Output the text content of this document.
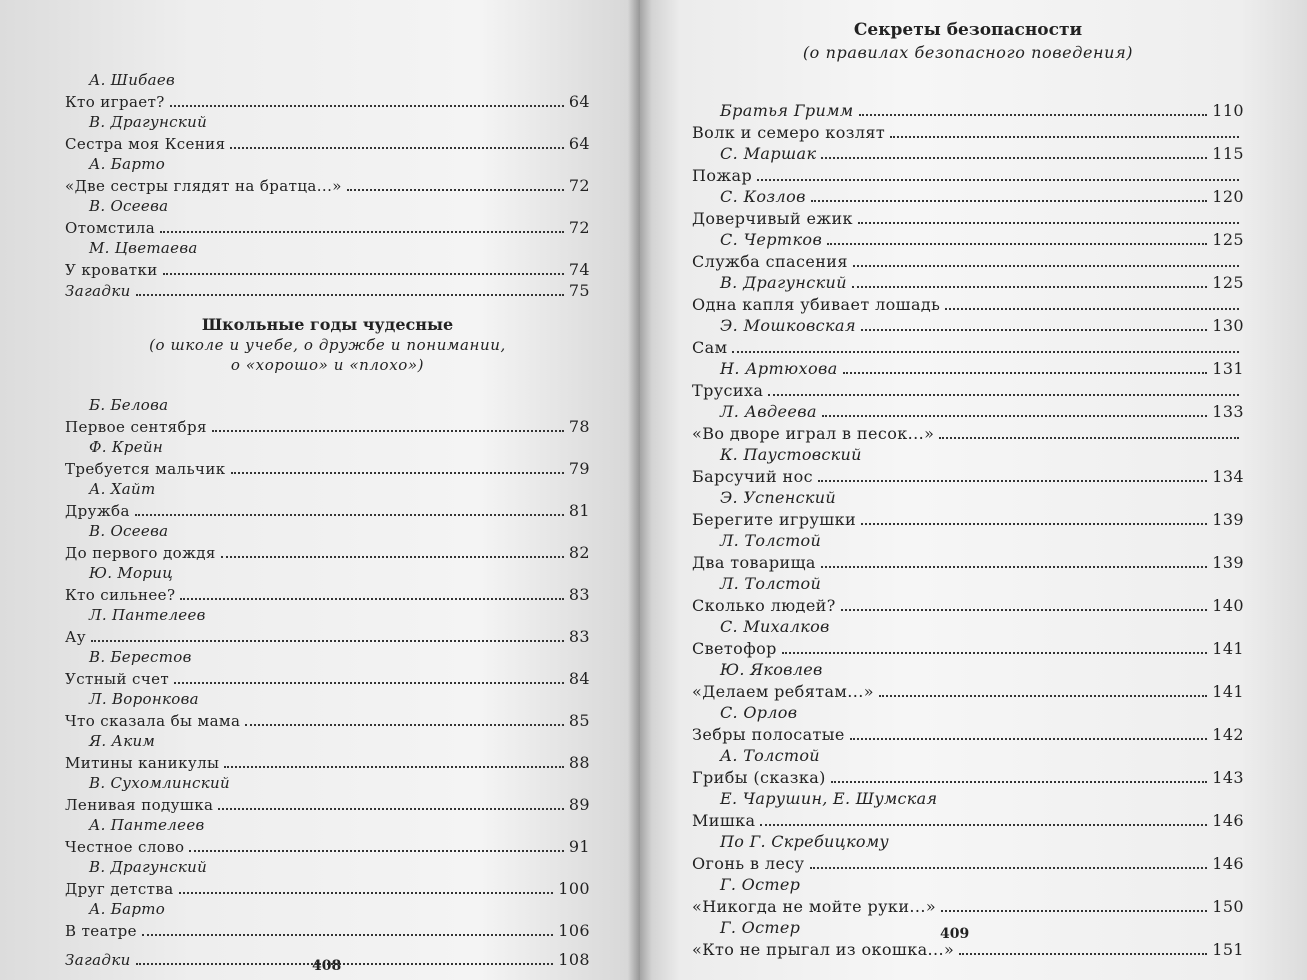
А. Шибаев
Кто играет?	64
В. Драгунский
Сестра моя Ксения	64
А. Барто
«Две сестры глядят на братца...»	72
В. Осеева
Отомстила	72
М. Цветаева
У кроватки	74
Загадки	75
Школьные годы чудесные
(о школе и учебе, о дружбе и понимании,
о «хорошо» и «плохо»)
Б. Белова
Первое сентября	78
Ф. Крейн
Требуется мальчик	79
А. Хайт
Дружба	81
В. Осеева
До первого дождя	82
Ю. Мориц
Кто сильнее?	83
Л. Пантелеев
Ау	83
В. Берестов
Устный счет	84
Л. Воронкова
Что сказала бы мама	85
Я. Аким
Митины каникулы	88
В. Сухомлинский
Ленивая подушка	89
А. Пантелеев
Честное слово	91
В. Драгунский
Друг детства	100
А. Барто
В театре	106
Загадки	108
408
Секреты безопасности
(о правилах безопасного поведения)
Братья Гримм	110
Волк и семеро козлят
С. Маршак	115
Пожар
С. Козлов	120
Доверчивый ежик
С. Чертков	125
Служба спасения
В. Драгунский	125
Одна капля убивает лошадь
Э. Мошковская	130
Сам
Н. Артюхова	131
Трусиха
Л. Авдеева	133
«Во дворе играл в песок...»
К. Паустовский
Барсучий нос	134
Э. Успенский
Берегите игрушки	139
Л. Толстой
Два товарища	139
Л. Толстой
Сколько людей?	140
С. Михалков
Светофор	141
Ю. Яковлев
«Делаем ребятам...»	141
С. Орлов
Зебры полосатые	142
А. Толстой
Грибы (сказка)	143
Е. Чарушин, Е. Шумская
Мишка	146
По Г. Скребицкому
Огонь в лесу	146
Г. Остер
«Никогда не мойте руки...»	150
Г. Остер
«Кто не прыгал из окошка...»	151
409
